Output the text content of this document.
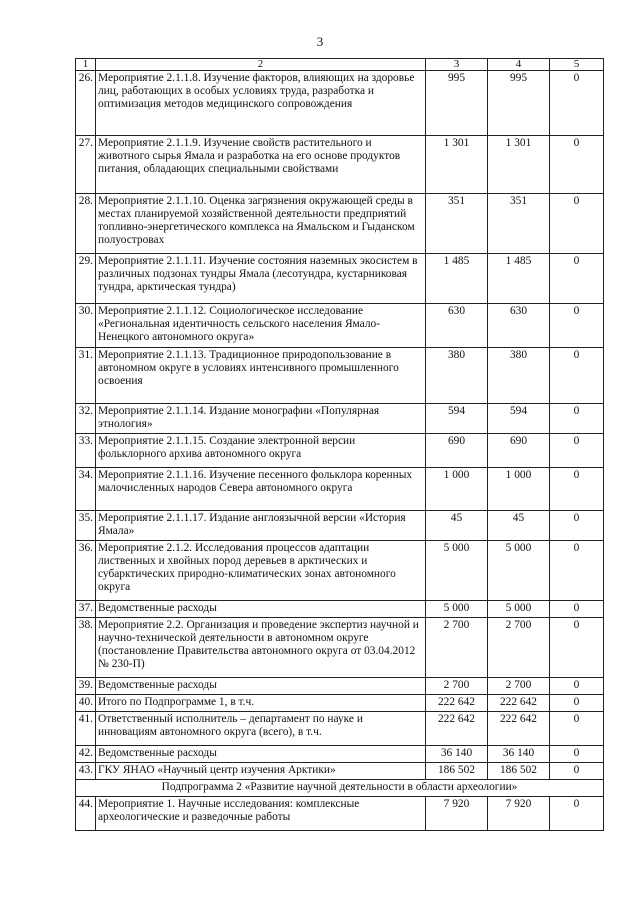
3
1	2	3	4	5
26.	Мероприятие 2.1.1.8. Изучение факторов, влияющих на здоровье лиц, работающих в особых условиях труда, разработка и оптимизация методов медицинского сопровождения	995	995	0
27.	Мероприятие 2.1.1.9. Изучение свойств растительного и животного сырья Ямала и разработка на его основе продуктов питания, обладающих специальными свойствами	1 301	1 301	0
28.	Мероприятие 2.1.1.10. Оценка загрязнения окружающей среды в местах планируемой хозяйственной деятельности предприятий топливно-энергетического комплекса на Ямальском и Гыданском полуостровах	351	351	0
29.	Мероприятие 2.1.1.11. Изучение состояния наземных экосистем в различных подзонах тундры Ямала (лесотундра, кустарниковая тундра, арктическая тундра)	1 485	1 485	0
30.	Мероприятие 2.1.1.12. Социологическое исследование «Региональная идентичность сельского населения Ямало-Ненецкого автономного округа»	630	630	0
31.	Мероприятие 2.1.1.13. Традиционное природопользование в автономном округе в условиях интенсивного промышленного освоения	380	380	0
32.	Мероприятие 2.1.1.14. Издание монографии «Популярная этнология»	594	594	0
33.	Мероприятие 2.1.1.15. Создание электронной версии фольклорного архива автономного округа	690	690	0
34.	Мероприятие 2.1.1.16. Изучение песенного фольклора коренных малочисленных народов Севера автономного округа	1 000	1 000	0
35.	Мероприятие 2.1.1.17. Издание англоязычной версии «История Ямала»	45	45	0
36.	Мероприятие 2.1.2. Исследования процессов адаптации лиственных и хвойных пород деревьев в арктических и субарктических природно-климатических зонах автономного округа	5 000	5 000	0
37.	Ведомственные расходы	5 000	5 000	0
38.	Мероприятие 2.2. Организация и проведение экспертиз научной и научно-технической деятельности в автономном округе (постановление Правительства автономного округа от 03.04.2012 № 230-П)	2 700	2 700	0
39.	Ведомственные расходы	2 700	2 700	0
40.	Итого по Подпрограмме 1, в т.ч.	222 642	222 642	0
41.	Ответственный исполнитель – департамент по науке и инновациям автономного округа (всего), в т.ч.	222 642	222 642	0
42.	Ведомственные расходы	36 140	36 140	0
43.	ГКУ ЯНАО «Научный центр изучения Арктики»	186 502	186 502	0
Подпрограмма 2 «Развитие научной деятельности в области археологии»				
44.	Мероприятие 1. Научные исследования: комплексные археологические и разведочные работы	7 920	7 920	0
